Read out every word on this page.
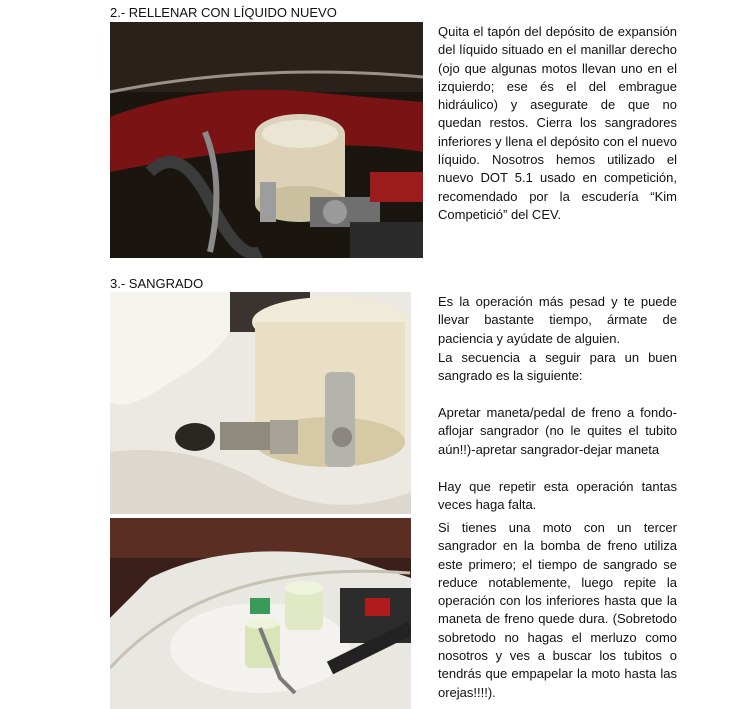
2.- RELLENAR CON LÍQUIDO NUEVO
Quita el tapón del depósito de expansión del líquido situado en el manillar derecho (ojo que algunas motos llevan uno en el izquierdo; ese és el del embrague hidráulico) y asegurate de que no quedan restos. Cierra los sangradores inferiores y llena el depósito con el nuevo líquido. Nosotros hemos utilizado el nuevo DOT 5.1 usado en competición, recomendado por la escudería “Kim Competició” del CEV.
3.- SANGRADO
Es la operación más pesad y te puede llevar bastante tiempo, ármate de paciencia y ayúdate de alguien.
La secuencia a seguir para un buen sangrado es la siguiente:
Apretar maneta/pedal de freno a fondo-aflojar sangrador (no le quites el tubito aún!!)-apretar sangrador-dejar maneta
Hay que repetir esta operación tantas veces haga falta.
Si tienes una moto con un tercer sangrador en la bomba de freno utiliza este primero; el tiempo de sangrado se reduce notablemente, luego repite la operación con los inferiores hasta que la maneta de freno quede dura. (Sobretodo sobretodo no hagas el merluzo como nosotros y ves a buscar los tubitos o tendrás que empapelar la moto hasta las orejas!!!!).
